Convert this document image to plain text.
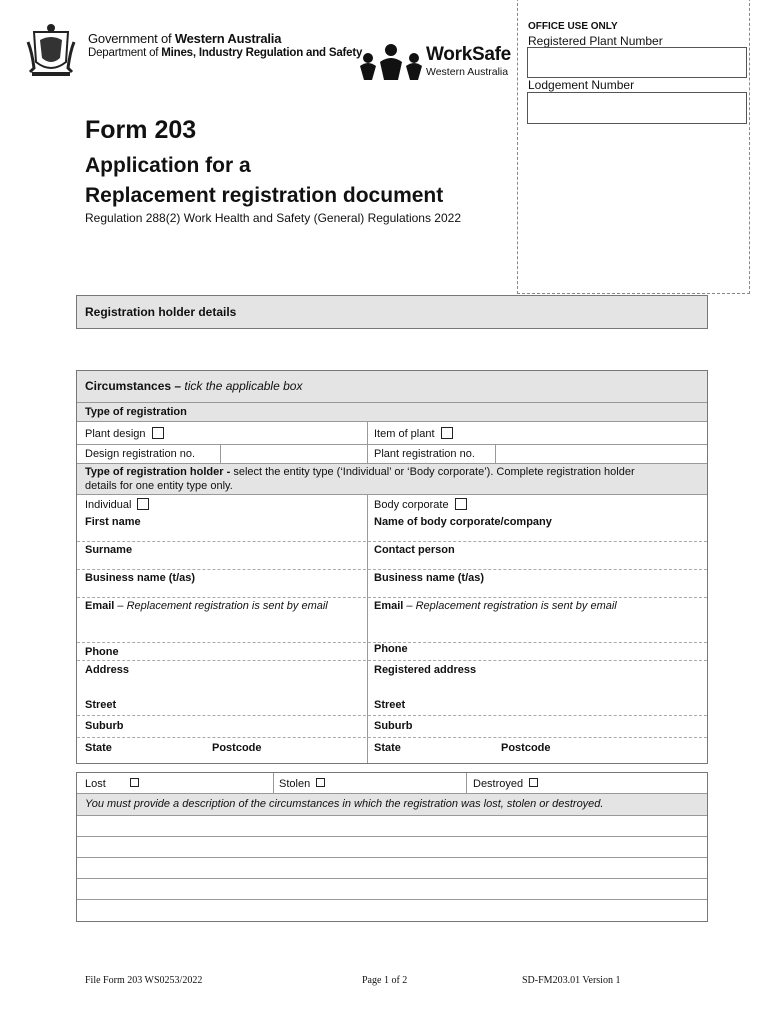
Government of Western Australia
Department of Mines, Industry Regulation and Safety	WorkSafe
Western Australia
OFFICE USE ONLY
Registered Plant Number
Lodgement Number
Form 203
Application for a
Replacement registration document
Regulation 288(2) Work Health and Safety (General) Regulations 2022
Registration holder details
Circumstances – tick the applicable box
Type of registration
Plant design	Item of plant
Design registration no.	Plant registration no.
Type of registration holder - select the entity type (‘Individual’ or ‘Body corporate’). Complete registration holder
details for one entity type only.
Individual	Body corporate
First name	Name of body corporate/company
Surname	Contact person
Business name (t/as)	Business name (t/as)
Email – Replacement registration is sent by email	Email – Replacement registration is sent by email
Phone	Phone
Address	Registered address
Street	Street
Suburb	Suburb
State	Postcode	State	Postcode
Lost	Stolen	Destroyed
You must provide a description of the circumstances in which the registration was lost, stolen or destroyed.
File Form 203 WS0253/2022	Page 1 of 2	SD-FM203.01 Version 1
